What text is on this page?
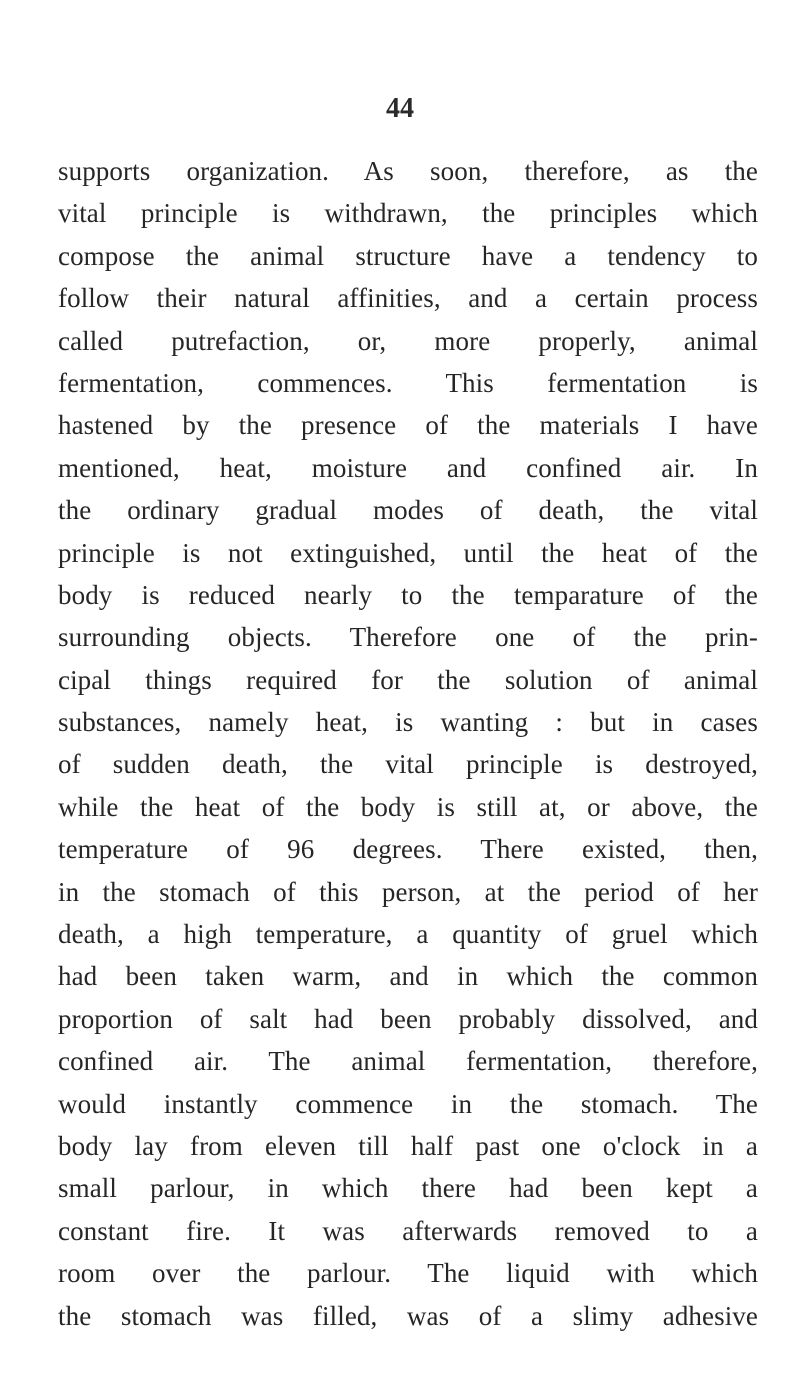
44
supports organization. As soon, therefore, as the
vital principle is withdrawn, the principles which
compose the animal structure have a tendency to
follow their natural affinities, and a certain process
called putrefaction, or, more properly, animal
fermentation, commences. This fermentation is
hastened by the presence of the materials I have
mentioned, heat, moisture and confined air. In
the ordinary gradual modes of death, the vital
principle is not extinguished, until the heat of the
body is reduced nearly to the temparature of the
surrounding objects. Therefore one of the prin-
cipal things required for the solution of animal
substances, namely heat, is wanting : but in cases
of sudden death, the vital principle is destroyed,
while the heat of the body is still at, or above, the
temperature of 96 degrees. There existed, then,
in the stomach of this person, at the period of her
death, a high temperature, a quantity of gruel which
had been taken warm, and in which the common
proportion of salt had been probably dissolved, and
confined air. The animal fermentation, therefore,
would instantly commence in the stomach. The
body lay from eleven till half past one o'clock in a
small parlour, in which there had been kept a
constant fire. It was afterwards removed to a
room over the parlour. The liquid with which
the stomach was filled, was of a slimy adhesive
